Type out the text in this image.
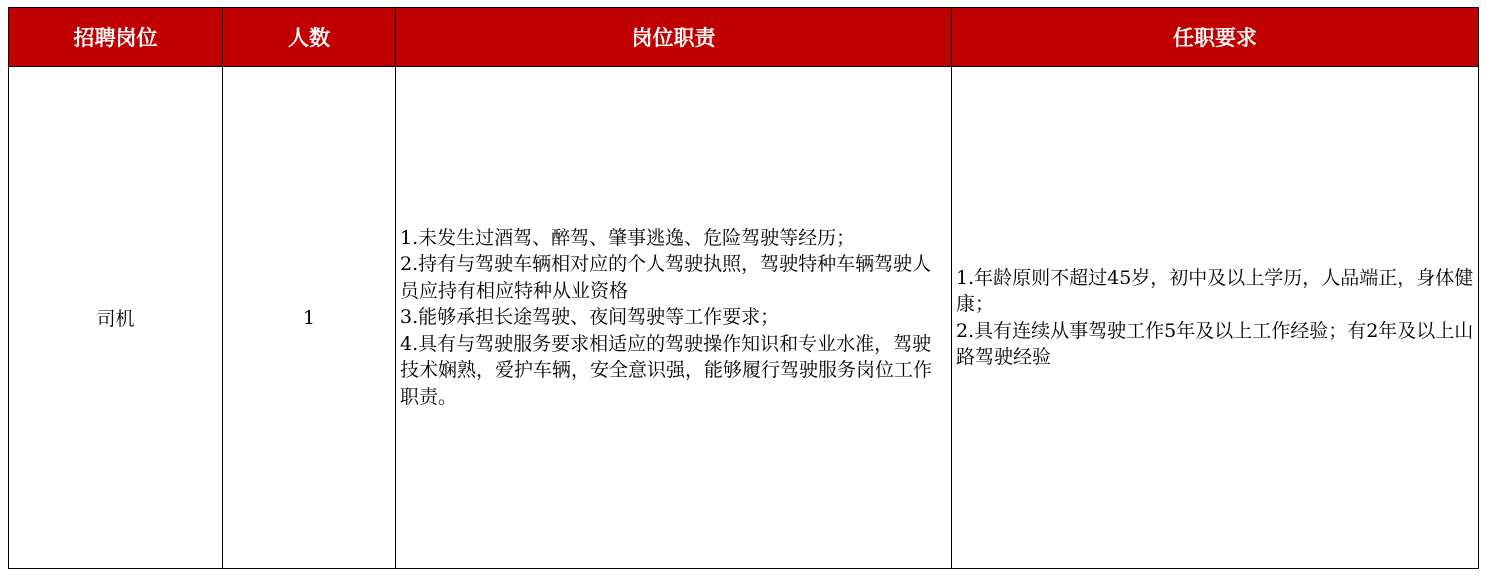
招聘岗位	人数	岗位职责	任职要求
司机	1	1.未发生过酒驾、醉驾、肇事逃逸、危险驾驶等经历；
2.持有与驾驶车辆相对应的个人驾驶执照，驾驶特种车辆驾驶人员应持有相应特种从业资格
3.能够承担长途驾驶、夜间驾驶等工作要求；
4.具有与驾驶服务要求相适应的驾驶操作知识和专业水准，驾驶技术娴熟，爱护车辆，安全意识强，能够履行驾驶服务岗位工作职责。	1.年龄原则不超过45岁，初中及以上学历，人品端正，身体健康；
2.具有连续从事驾驶工作5年及以上工作经验；有2年及以上山路驾驶经验
